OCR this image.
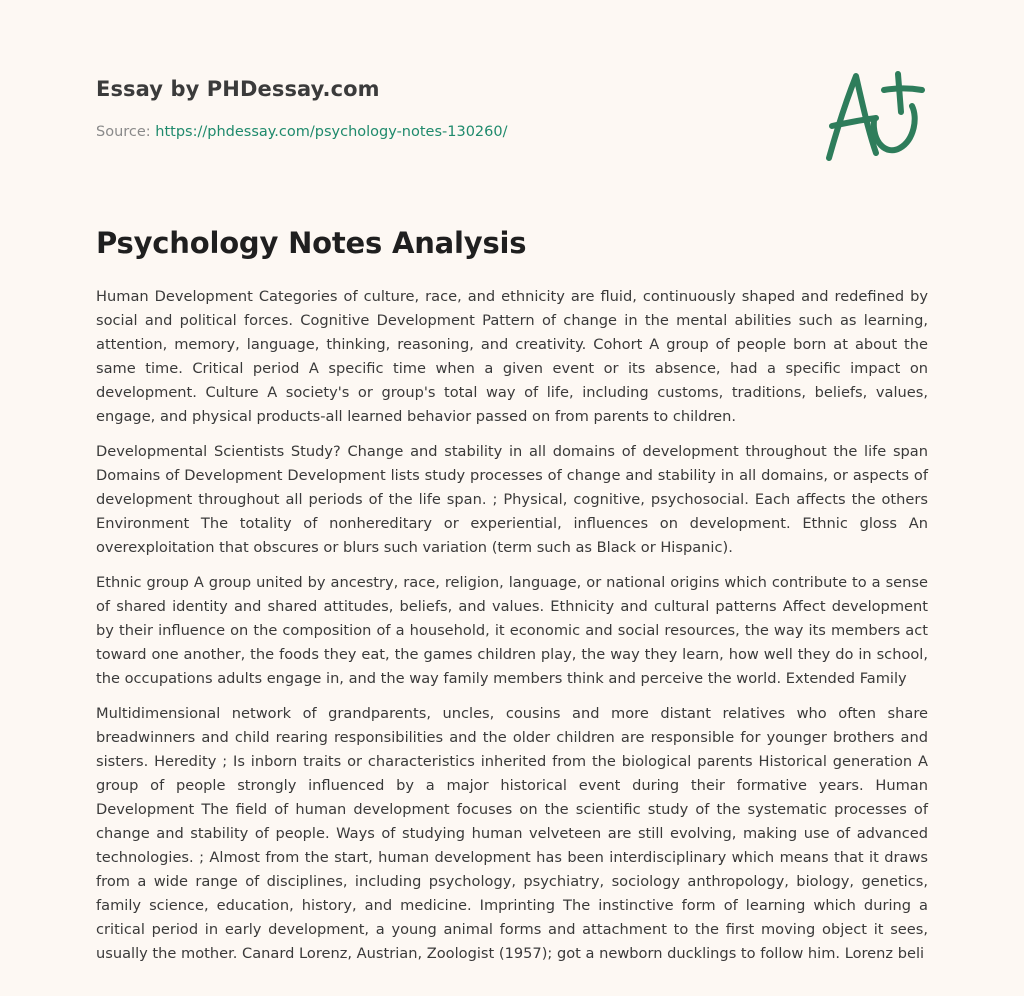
Essay by PHDessay.com
Source: https://phdessay.com/psychology-notes-130260/
Psychology Notes Analysis

Human Development Categories of culture, race, and ethnicity are fluid, continuously shaped and redefined by social and political forces. Cognitive Development Pattern of change in the mental abilities such as learning, attention, memory, language, thinking, reasoning, and creativity. Cohort A group of people born at about the same time. Critical period A specific time when a given event or its absence, had a specific impact on development. Culture A society's or group's total way of life, including customs, traditions, beliefs, values, engage, and physical products-all learned behavior passed on from parents to children.

Developmental Scientists Study? Change and stability in all domains of development throughout the life span Domains of Development Development lists study processes of change and stability in all domains, or aspects of development throughout all periods of the life span. ; Physical, cognitive, psychosocial. Each affects the others Environment The totality of nonhereditary or experiential, influences on development. Ethnic gloss An overexploitation that obscures or blurs such variation (term such as Black or Hispanic).

Ethnic group A group united by ancestry, race, religion, language, or national origins which contribute to a sense of shared identity and shared attitudes, beliefs, and values. Ethnicity and cultural patterns Affect development by their influence on the composition of a household, it economic and social resources, the way its members act toward one another, the foods they eat, the games children play, the way they learn, how well they do in school, the occupations adults engage in, and the way family members think and perceive the world. Extended Family

Multidimensional network of grandparents, uncles, cousins and more distant relatives who often share breadwinners and child rearing responsibilities and the older children are responsible for younger brothers and sisters. Heredity ; Is inborn traits or characteristics inherited from the biological parents Historical generation A group of people strongly influenced by a major historical event during their formative years. Human Development The field of human development focuses on the scientific study of the systematic processes of change and stability of people. Ways of studying human velveteen are still evolving, making use of advanced technologies. ; Almost from the start, human development has been interdisciplinary which means that it draws from a wide range of disciplines, including psychology, psychiatry, sociology anthropology, biology, genetics, family science, education, history, and medicine. Imprinting The instinctive form of learning which during a critical period in early development, a young animal forms and attachment to the first moving object it sees, usually the mother. Canard Lorenz, Austrian, Zoologist (1957); got a newborn ducklings to follow him. Lorenz beli
